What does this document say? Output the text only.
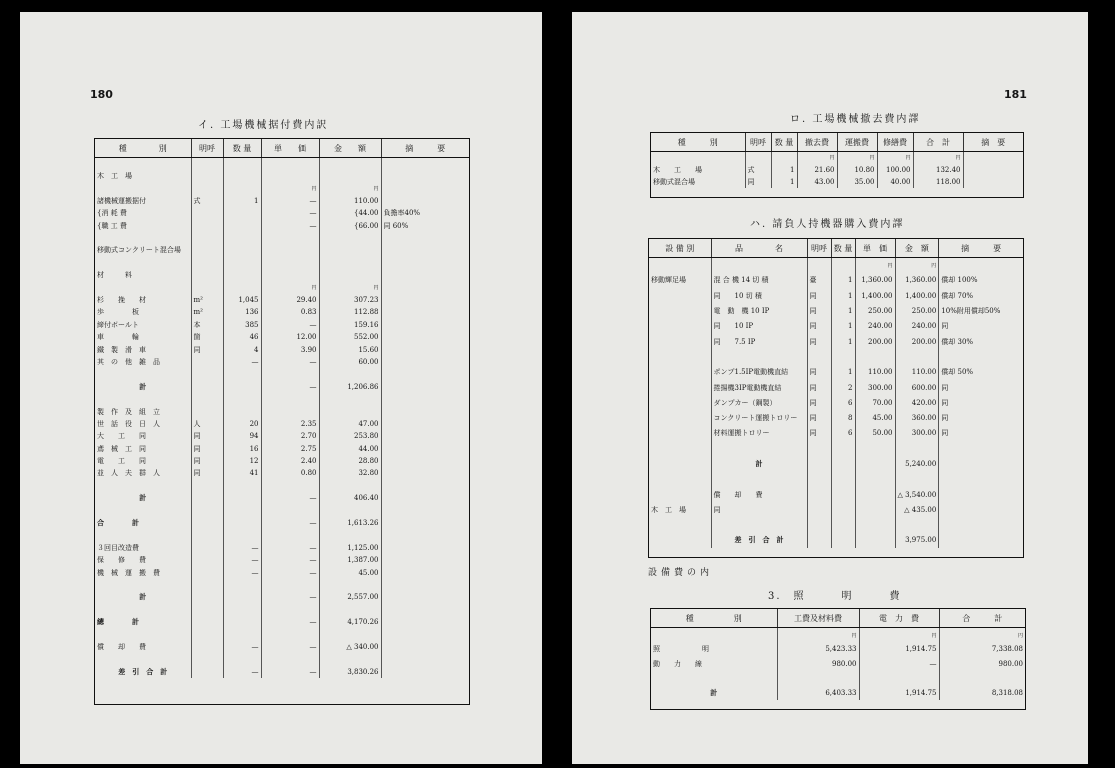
180
イ. 工場機械据付費内訳
種　　　　別	明呼	数 量	単　　価	金　　額	摘　　　要

木　工　場					
			円	円	
諸機械運搬据付	式	1	—	110.00	
{消 耗 費			—	{44.00	負擔率40%
{職 工 費			—	{66.00	同 60%

移動式コンクリート混合場					

材　　　料					
			円	円	
杉　　挽　　材	m²	1,045	29.40	307.23	
歩　　　　板	m²	136	0.83	112.88	
締付ボールト	本	385	—	159.16	
車　　　　輪	箇	46	12.00	552.00	
鐵　製　滑　車	同	4	3.90	15.60	
其　の　他　雑　品		—	—	60.00	

計			—	1,206.86	

製　作　及　組　立					
世　話　役　日　人	人	20	2.35	47.00	
大　　工　　同	同	94	2.70	253.80	
鳶　械　工　同	同	16	2.75	44.00	
電　　工　　同	同	12	2.40	28.80	
並　人　夫　群　人	同	41	0.80	32.80	

計			—	406.40	

合　　　　計			—	1,613.26	

３回目改造費		—	—	1,125.00	
保　　修　　費		—	—	1,387.00	
機　械　運　搬　費		—	—	45.00	

計			—	2,557.00	

總　　　　計			—	4,170.26	

償　　却　　費		—	—	△ 340.00	

差　引　合　計		—	—	3,830.26	
181
ロ. 工場機械撤去費内譯
種　　　別	明呼	数 量	撤去費	運搬費	修繕費	合　計	摘　要
			円	円	円	円	
木　　工　　場	式	1	21.60	10.80	100.00	132.40	
移動式混合場	同	1	43.00	35.00	40.00	118.00	
ハ. 請負人持機器購入費内譯
設 備 別	品　　　　名	明呼	数 量	単　価	金　額	摘　　　要
				円	円	
移動輝足場	混 合 機 14 切 積	臺	1	1,360.00	1,360.00	償却 100%
	同　　10 切 積	同	1	1,400.00	1,400.00	償却 70%
	電　動　機 10 IP	同	1	250.00	250.00	10%附用償却50%
	同　　10 IP	同	1	240.00	240.00	同
	同　　7.5 IP	同	1	200.00	200.00	償却 30%

	ポンプ1.5IP電動機直結	同	1	110.00	110.00	償却 50%
	捲揚機3IP電動機直結	同	2	300.00	600.00	同
	ダンプカー（鋼製）	同	6	70.00	420.00	同
	コンクリート運搬トロリー	同	8	45.00	360.00	同
	材料運搬トロリー	同	6	50.00	300.00	同

	計				5,240.00	

	償　　却　　費				△ 3,540.00	
木　工　場	同				△ 435.00	

	差　引　合　計				3,975.00	
設備費の内
3.　照　　　明　　　費
種　　　　　別	工費及材料費	電　力　費	合　　　計
	円	円	円
照　　　　　　明	5,423.33	1,914.75	7,338.08
動　　力　　線	980.00	—	980.00

計	6,403.33	1,914.75	8,318.08
